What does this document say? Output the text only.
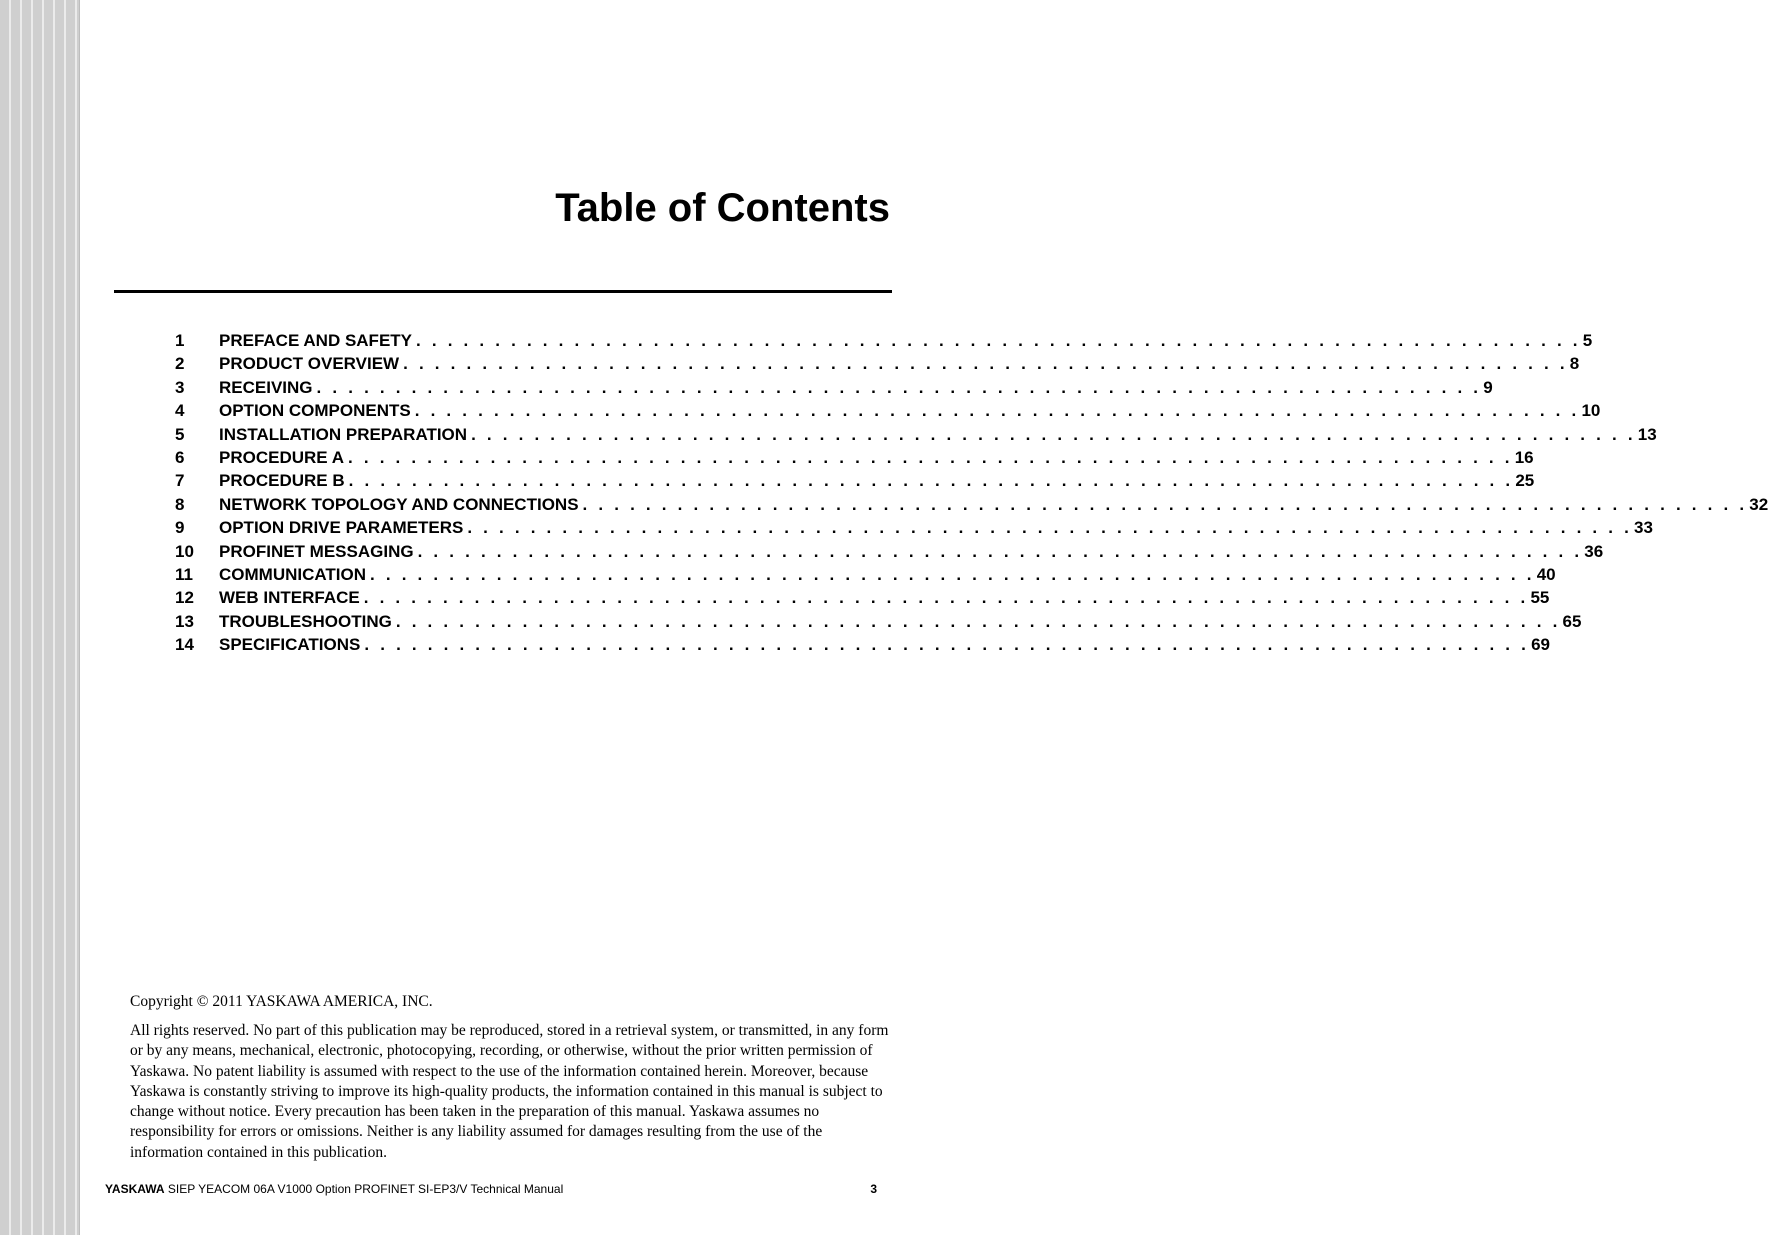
Table of Contents
1	PREFACE AND SAFETY . . . . . . . . . . . . . . . . . . . . . . . . . . . . . . . . . . . . . . . . . . . . . . . . . . . . . . . . . . . . . . . . . . . . . . . . . . 5
2	PRODUCT OVERVIEW . . . . . . . . . . . . . . . . . . . . . . . . . . . . . . . . . . . . . . . . . . . . . . . . . . . . . . . . . . . . . . . . . . . . . . . . . . 8
3	RECEIVING . . . . . . . . . . . . . . . . . . . . . . . . . . . . . . . . . . . . . . . . . . . . . . . . . . . . . . . . . . . . . . . . . . . . . . . . . . 9
4	OPTION COMPONENTS . . . . . . . . . . . . . . . . . . . . . . . . . . . . . . . . . . . . . . . . . . . . . . . . . . . . . . . . . . . . . . . . . . . . . . . . . . 10
5	INSTALLATION PREPARATION . . . . . . . . . . . . . . . . . . . . . . . . . . . . . . . . . . . . . . . . . . . . . . . . . . . . . . . . . . . . . . . . . . . . . . . . . . 13
6	PROCEDURE A . . . . . . . . . . . . . . . . . . . . . . . . . . . . . . . . . . . . . . . . . . . . . . . . . . . . . . . . . . . . . . . . . . . . . . . . . . 16
7	PROCEDURE B . . . . . . . . . . . . . . . . . . . . . . . . . . . . . . . . . . . . . . . . . . . . . . . . . . . . . . . . . . . . . . . . . . . . . . . . . . 25
8	NETWORK TOPOLOGY AND CONNECTIONS . . . . . . . . . . . . . . . . . . . . . . . . . . . . . . . . . . . . . . . . . . . . . . . . . . . . . . . . . . . . . . . . . . . . . . . . . . 32
9	OPTION DRIVE PARAMETERS . . . . . . . . . . . . . . . . . . . . . . . . . . . . . . . . . . . . . . . . . . . . . . . . . . . . . . . . . . . . . . . . . . . . . . . . . . 33
10	PROFINET MESSAGING . . . . . . . . . . . . . . . . . . . . . . . . . . . . . . . . . . . . . . . . . . . . . . . . . . . . . . . . . . . . . . . . . . . . . . . . . . 36
11	COMMUNICATION . . . . . . . . . . . . . . . . . . . . . . . . . . . . . . . . . . . . . . . . . . . . . . . . . . . . . . . . . . . . . . . . . . . . . . . . . . 40
12	WEB INTERFACE . . . . . . . . . . . . . . . . . . . . . . . . . . . . . . . . . . . . . . . . . . . . . . . . . . . . . . . . . . . . . . . . . . . . . . . . . . 55
13	TROUBLESHOOTING . . . . . . . . . . . . . . . . . . . . . . . . . . . . . . . . . . . . . . . . . . . . . . . . . . . . . . . . . . . . . . . . . . . . . . . . . . 65
14	SPECIFICATIONS . . . . . . . . . . . . . . . . . . . . . . . . . . . . . . . . . . . . . . . . . . . . . . . . . . . . . . . . . . . . . . . . . . . . . . . . . . 69

Copyright © 2011 YASKAWA AMERICA, INC.

All rights reserved. No part of this publication may be reproduced, stored in a retrieval system, or transmitted, in any form or by any means, mechanical, electronic, photocopying, recording, or otherwise, without the prior written permission of Yaskawa. No patent liability is assumed with respect to the use of the information contained herein. Moreover, because Yaskawa is constantly striving to improve its high-quality products, the information contained in this manual is subject to change without notice. Every precaution has been taken in the preparation of this manual. Yaskawa assumes no responsibility for errors or omissions. Neither is any liability assumed for damages resulting from the use of the information contained in this publication.

YASKAWA SIEP YEACOM 06A V1000 Option PROFINET SI-EP3/V Technical Manual	3
